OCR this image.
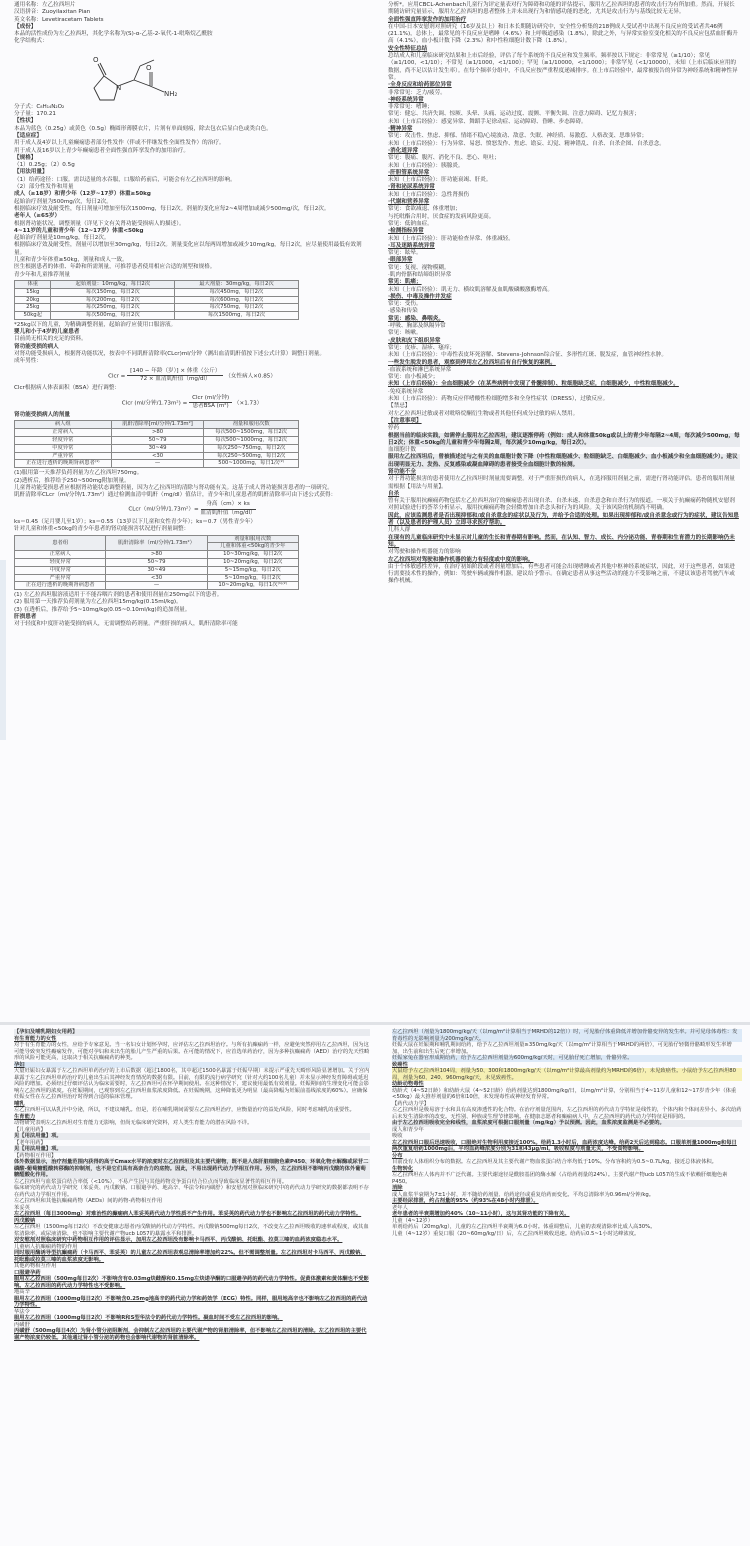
通用名称：左乙拉西坦片

汉语拼音：Zuoyilaxitan Pian

英文名称：Levetiracetam Tablets

【成份】

本品的活性成份为左乙拉西坦，其化学名称为(S)-α-乙基-2-氧代-1-吡咯烷乙酰胺

化学结构式：

O
N
O
NH₂

分子式：C₈H₁₄N₂O₂

分子量：170.21

【性状】

本品为蓝色（0.25g）或黄色（0.5g）椭圆形薄膜衣片，片剂有单面刻痕，除去包衣后显白色或类白色。

【适应症】

用于成人及4岁以上儿童癫痫患者部分性发作（伴或不伴继发性全面性发作）的治疗。

用于成人及16岁以上青少年癫痫患者全面性强直阵挛发作的加用治疗。

【规格】

（1）0.25g；（2）0.5g

【用法用量】

（1）给药途径：口服。需以适量的水吞服，口服给药前后，可能会有左乙拉西坦的影响。

（2）部分性发作和用量

成人（≥18岁）和青少年（12岁~17岁）体重≥50kg

起始治疗剂量为500mg/次，每日2次。

根据临床疗效及耐受性，每日剂量可增加至每次1500mg，每日2次。剂量的变化应每2~4周增加或减少500mg/次，每日2次。

老年人（≥65岁）

根据肾功能状况，调整剂量（详见下文有关肾功能受损病人的描述）。

4~11岁的儿童和青少年（12~17岁）体重<50kg

起始治疗剂量是10mg/kg，每日2次。

根据临床疗效及耐受性，剂量可以增加至30mg/kg，每日2次。剂量变化应以每两周增加或减少10mg/kg，每日2次，应尽量使用最低有效剂量。

儿童和青少年体重≥50kg，剂量和成人一致。

医生根据患者的体重、年龄和所需剂量，可推荐患者使用相应合适的剂型和规格。

青少年和儿童推荐剂量

体重	起始剂量：10mg/kg，每日2次	最大剂量：30mg/kg，每日2次
15kg	每次150mg，每日2次	每次450mg，每日2次
20kg	每次200mg，每日2次	每次600mg，每日2次
25kg	每次250mg，每日2次	每次750mg，每日2次
50kg起	每次500mg，每日2次	每次1500mg，每日2次

*25kg以下的儿童，为精确调整剂量，起始治疗应使用口服溶液。

婴儿和小于4岁的儿童患者

目前尚无相关的充足的资料。

肾功能受损的病人

对肾功能受损病人，根据肾功能状况，按表中不同肌酐清除率(CLcr)ml/分钟（测出血清肌酐值按下述公式计算）调整日剂量。

成年男性：

Clcr = $\frac{\text{[140 − 年龄（岁）] × 体重（公斤）}}{\text{72 × 血清肌酐值（mg/dl）}}$ （女性病人×0.85）

Clcr根据病人体表面积（BSA）进行调整：

Clcr (ml/分钟$/1.73m^2) = \frac{\text{Clcr (ml/分钟)}}{\text{患者BSA (m²)}} (\times 1.73)$

肾功能受损病人的剂量

病人组	肌酐清除率[ml/分钟/1.73m²]	剂量和服用次数
正常病人	>80	每次500~1500mg，每日2次
轻度异常	50~79	每次500~1000mg，每日2次
中度异常	30~49	每次250~750mg，每日2次
严重异常	<30	每次250~500mg，每日2次
正在进行透析的晚期肾病患者⁽¹⁾	—	500~1000mg，每日1次⁽²⁾

(1)服用第一天推荐负荷剂量为左乙拉西坦750mg。

(2)透析后，推荐给予250~500mg附加剂量。

儿童肾功能受损患者应根据肾功能状态调整剂量，因为左乙拉西坦的清除与肾功能有关。这基于成人肾功能损害患者的一项研究。

肌酐清除率CLcr（ml/分钟/1.73m²）通过检测血清中肌酐（mg/dl）值估计，青少年和儿童患者的肌酐清除率可由下述公式获得：

CLcr（ml/分钟$/1.73m^2)= \frac{\text{身高（cm）× ks}}{\text{血清肌酐值（mg/dl）}}$

ks＝0.45（足月婴儿至1岁）；ks＝0.55（13岁以下儿童和女性青少年）；ks＝0.7（男性青少年）

针对儿童和体重<50kg的青少年患者的肾功能损害状况进行剂量调整：

患者组	肌酐清除率（ml/分钟/1.73m²）	剂量和服用次数
		儿童和体重<50kg的青少年
正常病人	>80	10~30mg/kg，每日2次
轻度异常	50~79	10~20mg/kg，每日2次
中度异常	30~49	5~15mg/kg，每日2次
严重异常	<30	5~10mg/kg，每日2次
正在进行透析的晚期肾病患者	—	10~20mg/kg，每日1次⁽¹⁾⁽²⁾

(1) 左乙拉西坦服溶液适用于不能吞咽片剂的患者和使用剂量在250mg以下的患者。

(2) 服用第一天推荐负荷剂量为左乙拉西坦15mg/kg(0.15ml/kg)。

(3) 在透析后，推荐给予5~10mg/kg(0.05~0.10ml/kg)的追加剂量。

肝损患者

对于轻度和中度肝功能受损的病人，无需调整给药剂量。严重肝损的病人，肌酐清除率可能

分析*。应用CBCL-Achenbach儿童行为评定量表对行为障碍和功能的评估提示，服用左乙拉西坦的患者的攻击行为有所加重。然而，开展长期随访研究量显示，服用左乙拉西坦的患者整体上并未出现行为和情感功能的恶化，尤其是攻击行为与基线比较无无异。

全面性强直阵挛发作的加用治疗

在中国-日本安慰剂对照研究（16岁及以上）和日本长期随访研究中，安全性分析集的218例成人受试者中出现不良反应的受试者共46例(21.1%)，总体上，最常见的不良反应是嗜睡（4.6%）和上呼吸道感染（1.8%），除此之外，与异常实验室变化相关的不良反应包括血肝酶升高（4.1%），血小板计数下降（2.3%）和中性粒细胞计数下降（1.8%）。

安全性特征总结

总结成人和儿童临床研究结果和上市后经验，评估了每个系统的不良反应和发生频率。频率按以下规定：非常常见（≥1/10）；常见（≥1/100，<1/10）；不常见（≥1/1000，<1/100）；罕见（≥1/10000，<1/1000）；非常罕见（<1/10000），未知（上市后临床应用的数据，尚不足以估计发生率）。在每个频率分组中，不良反应按严重程度递减排序。在上市后经验中，最常被报告的异常为神经系统和精神性异常。

·全身反应和给药部位异常

非常常见：乏力/疲劳。

·神经系统异常

非常常见：嗜睡；

常见：健忘、共济失调、惊厥、头晕、头痛、运动过度、震颤、平衡失调、注意力障碍、记忆力损害；

未知（上市后经验）：感觉异常、舞蹈手足徐动症、运动障碍、昏睡、步态障碍。

·精神异常

常见：攻击性、焦虑、抑郁、情绪不稳/心境波动、敌意、失眠、神经质、易激惹、人格改变、思维异常；

未知（上市后经验）：行为异常、易怒、愤怒发作、焦虑、谵妄、幻觉、精神错乱、自杀、自杀企图、自杀意念。

·消化道异常

常见：腹痛、腹泻、消化不良、恶心、呕吐；

未知（上市后经验）：胰腺炎。

·肝胆管系统异常

未知（上市后经验）：肝功能衰竭、肝炎。

·肾和泌尿系统异常

未知（上市后经验）：急性肾损伤

·代谢和营养异常

常见：食欲减退、体重增加；

与托吡酯合用时，厌食症的发病风险更高。

常见：低钠血症。

·检测指标异常

未知（上市后经验）：肝功能检查异常、体重减轻。

·耳及迷路系统异常

常见：眩晕。

·眼部异常

常见：复视、视物模糊。

·肌肉骨骼和结缔组织异常

常见：肌痛；

未知（上市后经验）：肌无力、横纹肌溶解及血肌酸磷酸激酶增高。

·损伤、中毒及操作并发症

常见：受伤。

·感染和传染

常见：感染、鼻咽炎。

·呼吸、胸部及纵隔异常

常见：咳嗽。

·皮肤和皮下组织异常

常见：皮疹、湿疹、瘙痒；

未知（上市后经验）：中毒性表皮坏死溶解、Stevens-Johnson综合征、多形性红斑、脱发症，血管神经性水肿。

一些发生脱发的患者，观察到停用左乙拉西坦后有自行恢复的案例。

·血液系统和淋巴系统异常

常见：血小板减少；

未知（上市后经验）：全血细胞减少（在某些病例中发现了骨髓抑制）、粒细胞缺乏症，白细胞减少，中性粒细胞减少。

·免疫系统异常

未知（上市后经验）：药物反应伴嗜酸性粒细胞增多和全身性症状（DRESS），过敏反应。

【禁忌】

对左乙拉西坦过敏或者对吡咯烷酮衍生物或者其他任何成分过敏的病人禁用。

【注意事项】

停药

根据当前的临床实践，如需停止服用左乙拉西坦，建议逐渐停药（例如：成人和体重50kg或以上的青少年每隔2~4周，每次减少500mg，每日2次；体重<50kg的儿童和青少年每隔2周，每次减少10mg/kg，每日2次）。

血细胞计数

服用左乙拉西坦后，曾被描述过与之有关的血细胞计数下降（中性粒细胞减少、粒细胞缺乏、白细胞减少、血小板减少和全血细胞减少）。建议出现明显无力、发热、反复感染或凝血障碍的患者接受全血细胞计数的检测。

肾功能不全

对于肾功能损害的患者使用左乙拉西坦时剂量需要调整。对于严重肝损伤的病人，在选择服用剂量之前，需进行肾功能评估。患者的服用剂量需根据【用法与用量】。

自杀

曾有关于服用抗癫痫药物包括左乙拉西坦治疗的癫痫患者出现自杀、自杀未遂、自杀意念和自杀行为的报道。一项关于抗癫痫药物随机安慰剂对照试验进行的荟萃分析显示，服用抗癫痫药物会轻微增加自杀念头和行为的风险。关于该风险的机制尚不明确。

因此，应该监测患者是否出现抑郁和/或自杀意念的症状以及行为，并给予合适的处理。如果出现抑郁和/或自杀意念或行为的症状，建议告知患者（以及患者的护理人员）立即寻求医疗帮助。

儿科人群

在现有的儿童临床研究中未显示对儿童的生长和青春期有影响。然而，在认知、智力、成长、内分泌功能、青春期和生育潜力的长期影响仍未知。

对驾驶和操作机器能力的影响

左乙拉西坦对驾驶和操作机器的能力有轻度或中度的影响。

由于个体敏感性差异，在治疗初始阶段或者剂量增加后，有些患者可能会出现嗜睡或者其他中枢神经系统症状，因此，对于这些患者，如果进行需要技术性的操作，例如：驾驶车辆或操作机器，建议给予警示。在确定患者从事这些活动的能力不受影响之前，不建议该患者驾驶汽车或操作机械。

【孕妇及哺乳期妇女用药】

有生育能力的女性

对于有生育能力的女性，应给予专家意见。当一名妇女计划怀孕时，应评估左乙拉西坦治疗。与所有抗癫痫药一样，应避免突然停用左乙拉西坦，因为这可能导致突发性癫痫发作，可能对孕妇和未出生的胎儿产生严重的后果。在可能的情况下，应首选单药治疗，因为多种抗癫痫药（AED）治疗的先天性畸形的风险可能更高，这取决于相关抗癫痫药的种类。

孕妇

大量妊娠妇女暴露于左乙拉西坦单药治疗的上市后数据（超过1800名，其中超过1500名暴露于妊娠早期）未提示严重先天畸形风险显著增加。关于宫内暴露于左乙拉西坦单药治疗的儿童出生后其神经发育情况的数据有限。目前，有限的流行病学研究（针对大约100名儿童）并未显示神经发育障碍或延迟风险的增加。必须经过仔细评估认为临床需要时，左乙拉西坦可在怀孕期间使用。在这种情况下，建议使用最低有效剂量。妊娠期间的生理变化可能会影响左乙拉西坦的浓度。在妊娠期间，已观察到左乙拉西坦血浆浓度降低。在妊娠晚期，这种降低更为明显（最高降幅为妊娠前基线浓度的60%）。应确保妊娠女性在左乙拉西坦治疗时得到合适的临床管理。

哺乳

左乙拉西坦可以从乳汁中分泌，所以，不建议哺乳。但是，若在哺乳期间需要左乙拉西坦治疗，应衡量治疗的益处/风险，同时考虑哺乳的重要性。

生育能力

动物研究表明左乙拉西坦对生育能力无影响，但尚无临床研究资料，对人类生育能力的潜在风险不详。

【儿童用药】

见【用法用量】项。

【老年用药】

见【用法用量】项。

【药物相互作用】

体外数据显示，治疗剂量范围内获得的高于Cmax水平的浓度时左乙拉西坦及其主要代谢物，既不是人体肝脏细胞色素P450、环氧化物水解酶或尿苷二磷酸-葡萄糖醛酸转移酶的抑制剂，也不是它们具有高亲合力的底物。因此，不易出现药代动力学相互作用。另外，左乙拉西坦不影响丙戊酸的体外葡萄糖醛酸化作用。

左乙拉西坦与血浆蛋白结合率低（<10%），不易产生因与其他药物竞争蛋白结合位点而导致临床显著性的相互作用。

临床研究的药代动力学研究（苯妥英、丙戊酸钠、口服避孕药、地高辛、华法令和丙磺舒）和安慰剂对照临床研究中的药代动力学研究的数据都表明不存在药代动力学相互作用。

左乙拉西坦和其他抗癫痫药物（AEDs）间的药物-药物相互作用

苯妥英

左乙拉西坦（每日3000mg）对难治性的癫痫病人苯妥英药代动力学性质不产生作用。苯妥英的药代动力学也不影响左乙拉西坦的药代动力学特性。

丙戊酸钠

左乙拉西坦（1500mg每日2次）不改变健康志愿者丙戊酸钠药代动力学特性。丙戊酸钠500mg每日2次，不改变左乙拉西坦吸收的速率或程度，或其血浆清除率，或尿液清除，也不影响主要代谢产物ucb L057的暴露水平和排泄。

对安慰剂对照临床研究中药物相互作用的评估显示，加用左乙拉西坦没有影响卡马西平、丙戊酸钠、托吡酯、拉莫三嗪的血药浓度稳态水平。

儿童病人抗癫痫药物的作用

同时服用酶诱导型抗癫痫药（卡马西平、苯妥英）的儿童左乙拉西坦表观总清除率增加约22%。但不需调整剂量。左乙拉西坦对卡马西平、丙戊酸钠、托吡酯或拉莫三嗪的血浆浓度无影响。

其他药物相互作用

口服避孕药

服用左乙拉西坦（500mg每日2次）不影响含有0.03mg炔雌醇和0.15mg左炔诺孕酮的口服避孕药的药代动力学特性。促黄体激素和黄体酮也不受影响。左乙拉西坦的药代动力学特性也不受影响。

地高辛

服用左乙拉西坦（1000mg每日2次）不影响含0.25mg地高辛的药代动力学和药效学（ECG）特性。同样，服用地高辛也不影响左乙拉西坦的药代动力学特性。

华法令

服用左乙拉西坦（1000mg每日2次）不影响R和S型华法令的药代动力学特性。凝血时间不受左乙拉西坦的影响。

丙磺舒

丙磺舒（500mg每日4次）为肾小管分泌阻断剂，会抑制左乙拉西坦的主要代谢产物的肾脏清除率，但不影响左乙拉西坦的清除。左乙拉西坦的主要代谢产物浓度仍较低。其他通过肾小管分泌的药物也会影响代谢物的肾脏清除率。

左乙拉西坦（剂量为1800mg/kg/天（以mg/m²计算相当于MRHD的12倍））时，可见胎仔体重降低并增加骨骼变异的发生率。并可见母体毒性：发育毒性的无影响剂量为200mg/kg/天。

妊娠大鼠在妊娠期和哺乳期间给药，给予左乙拉西坦剂量≥350mg/kg/天（以mg/m²计算相当于MRHD的两倍），可见胎仔轻微骨骼畸形发生率增加，出生前和出生后死亡率增加。

妊娠家兔在器官形成期给药，给予左乙拉西坦剂量为600mg/kg/天时，可见胎仔死亡增加，骨骼异常。

致癌性

大鼠给予左乙拉西坦104周，剂量为50、300和1800mg/kg/天（以mg/m²计算最高剂量约为MRHD的6倍），未见致癌性。小鼠给予左乙拉西坦80周，剂量为60、240、960mg/kg/天，未见致癌性。

幼龄动物毒性

幼龄犬（4~52日龄）和幼龄大鼠（4~52日龄）给药剂量达到1800mg/kg/日，以mg/m²计算，分别相当于4~11岁儿童和12~17岁青少年（体重<50kg）最大推荐剂量的6倍和10倍，未发现毒性或神经发育异常。

【药代动力学】

左乙拉西坦是极易溶于水和具有高度渗透性的化合物。在治疗剂量范围内，左乙拉西坦的药代动力学特征是线性的，个体内和个体间差异小。多次给药后未发生清除率的改变。无性别、种族或生理节律影响。在健康志愿者和癫痫病人中，左乙拉西坦的药代动力学特征是相同的。

由于左乙拉西坦吸收完全和线性，血浆浓度可根据口服剂量（mg/kg）予以预测。因此，血浆浓度监测是不必要的。

成人和青少年

吸收

左乙拉西坦口服后迅速吸收，口服绝对生物利用度接近100%。给药1.3小时后，血药浓度达峰。给药2天后达到稳态。口服单剂量1000mg和每日两次重复给药1000mg后，平均血药峰浓度分别为31和43μg/ml。吸收程度与剂量无关，不受食物影响。

分布

目前没有人体组织分布的数据。左乙拉西坦及其主要代谢产物血浆蛋白结合率均低于10%。分布容积约为0.5~0.7L/kg，接近总体液体积。

生物转化

左乙拉西坦在人体内并不广泛代谢。主要代谢途径是酰胺基团的酶水解（占给药剂量的24%）。主要代谢产物ucb L057的生成不依赖肝细胞色素P450。

消除

成人血浆半衰期为7±1小时，并不随给药剂量、给药途径或重复给药而变化。平均总清除率为0.96ml/分钟/kg。

主要经尿排泄，约占剂量的95%（约93%在48小时内排泄）。

老年人

老年患者的半衰期增加约40%（10~11小时），这与其肾功能的下降有关。

儿童（4~12岁）

单剂给药后（20mg/kg），儿童的左乙拉西坦半衰期为6.0小时。体重调整后，儿童的表观清除率比成人高30%。

儿童（4~12岁）重复口服（20~60mg/kg/日）后，左乙拉西坦吸收迅速。给药后0.5~1小时达峰浓度。
